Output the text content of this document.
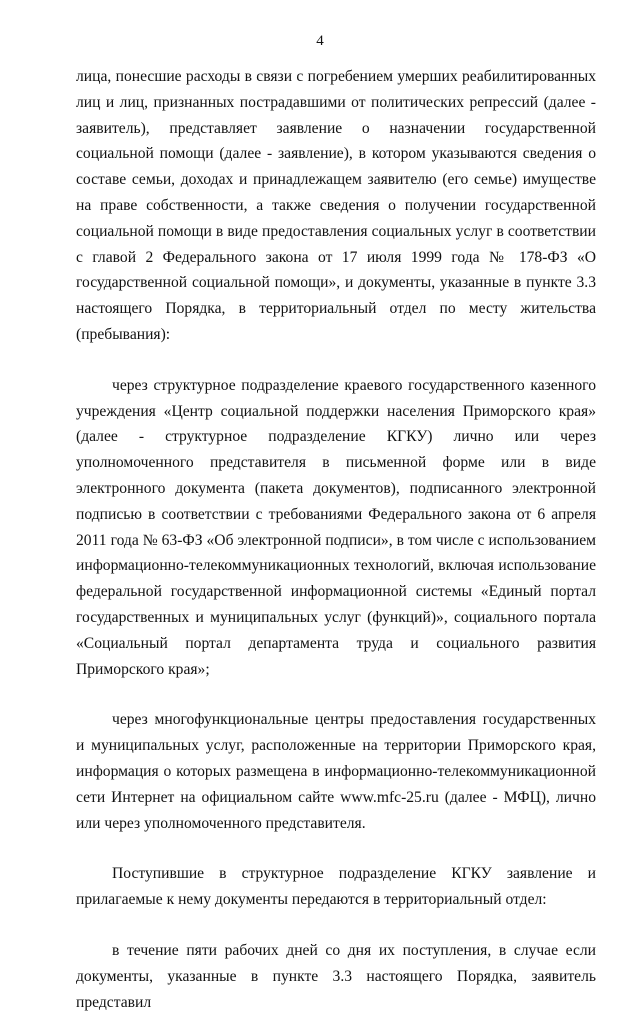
4

лица, понесшие расходы в связи с погребением умерших реабилитированных лиц и лиц, признанных пострадавшими от политических репрессий (далее - заявитель), представляет заявление о назначении государственной социальной помощи (далее - заявление), в котором указываются сведения о составе семьи, доходах и принадлежащем заявителю (его семье) имуществе на праве собственности, а также сведения о получении государственной социальной помощи в виде предоставления социальных услуг в соответствии с главой 2 Федерального закона от 17 июля 1999 года № 178-ФЗ «О государственной социальной помощи», и документы, указанные в пункте 3.3 настоящего Порядка, в территориальный отдел по месту жительства (пребывания):

через структурное подразделение краевого государственного казенного учреждения «Центр социальной поддержки населения Приморского края» (далее - структурное подразделение КГКУ) лично или через уполномоченного представителя в письменной форме или в виде электронного документа (пакета документов), подписанного электронной подписью в соответствии с требованиями Федерального закона от 6 апреля 2011 года № 63-ФЗ «Об электронной подписи», в том числе с использованием информационно-телекоммуникационных технологий, включая использование федеральной государственной информационной системы «Единый портал государственных и муниципальных услуг (функций)», социального портала «Социальный портал департамента труда и социального развития Приморского края»;

через многофункциональные центры предоставления государственных и муниципальных услуг, расположенные на территории Приморского края, информация о которых размещена в информационно-телекоммуникационной сети Интернет на официальном сайте www.mfc-25.ru (далее - МФЦ), лично или через уполномоченного представителя.

Поступившие в структурное подразделение КГКУ заявление и прилагаемые к нему документы передаются в территориальный отдел:

в течение пяти рабочих дней со дня их поступления, в случае если документы, указанные в пункте 3.3 настоящего Порядка, заявитель представил
